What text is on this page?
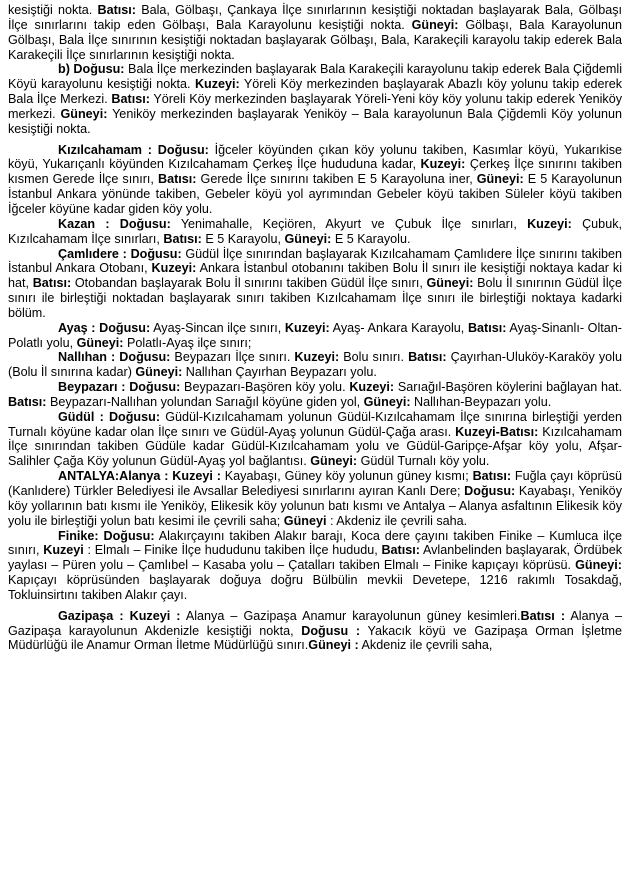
kesiştiği nokta. Batısı: Bala, Gölbaşı, Çankaya İlçe sınırlarının kesiştiği noktadan başlayarak Bala, Gölbaşı İlçe sınırlarını takip eden Gölbaşı, Bala Karayolunu kesiştiği nokta. Güneyi: Gölbaşı, Bala Karayolunun Gölbaşı, Bala İlçe sınırının kesiştiği noktadan başlayarak Gölbaşı, Bala, Karakeçili karayolu takip ederek Bala Karakeçili İlçe sınırlarının kesiştiği nokta.

b) Doğusu: Bala İlçe merkezinden başlayarak Bala Karakeçili karayolunu takip ederek Bala Çiğdemli Köyü karayolunu kesiştiği nokta. Kuzeyi: Yöreli Köy merkezinden başlayarak Abazlı köy yolunu takip ederek Bala İlçe Merkezi. Batısı: Yöreli Köy merkezinden başlayarak Yöreli-Yeni köy köy yolunu takip ederek Yeniköy merkezi. Güneyi: Yeniköy merkezinden başlayarak Yeniköy – Bala karayolunun Bala Çiğdemli Köy yolunun kesiştiği nokta.

Kızılcahamam : Doğusu: İğceler köyünden çıkan köy yolunu takiben, Kasımlar köyü, Yukarıkise köyü, Yukarıçanlı köyünden Kızılcahamam Çerkeş İlçe hududuna kadar, Kuzeyi: Çerkeş İlçe sınırını takiben kısmen Gerede İlçe sınırı, Batısı: Gerede İlçe sınırını takiben E 5 Karayoluna iner, Güneyi: E 5 Karayolunun İstanbul Ankara yönünde takiben, Gebeler köyü yol ayrımından Gebeler köyü takiben Süleler köyü takiben İğceler köyüne kadar giden köy yolu.

Kazan : Doğusu: Yenimahalle, Keçiören, Akyurt ve Çubuk İlçe sınırları, Kuzeyi: Çubuk, Kızılcahamam İlçe sınırları, Batısı: E 5 Karayolu, Güneyi: E 5 Karayolu.

Çamlıdere : Doğusu: Güdül İlçe sınırından başlayarak Kızılcahamam Çamlıdere İlçe sınırını takiben İstanbul Ankara Otobanı, Kuzeyi: Ankara İstanbul otobanını takiben Bolu İl sınırı ile kesiştiği noktaya kadar ki hat, Batısı: Otobandan başlayarak Bolu İl sınırını takiben Güdül İlçe sınırı, Güneyi: Bolu İl sınırının Güdül İlçe sınırı ile birleştiği noktadan başlayarak sınırı takiben Kızılcahamam İlçe sınırı ile birleştiği noktaya kadarki bölüm.

Ayaş : Doğusu: Ayaş-Sincan ilçe sınırı, Kuzeyi: Ayaş- Ankara Karayolu, Batısı: Ayaş-Sinanlı- Oltan- Polatlı yolu, Güneyi: Polatlı-Ayaş ilçe sınırı;

Nallıhan : Doğusu: Beypazarı İlçe sınırı. Kuzeyi: Bolu sınırı. Batısı: Çayırhan-Uluköy-Karaköy yolu (Bolu İl sınırına kadar) Güneyi: Nallıhan Çayırhan Beypazarı yolu.

Beypazarı : Doğusu: Beypazarı-Başören köy yolu. Kuzeyi: Sarıağıl-Başören köylerini bağlayan hat. Batısı: Beypazarı-Nallıhan yolundan Sarıağıl köyüne giden yol, Güneyi: Nallıhan-Beypazarı yolu.

Güdül : Doğusu: Güdül-Kızılcahamam yolunun Güdül-Kızılcahamam İlçe sınırına birleştiği yerden Turnalı köyüne kadar olan İlçe sınırı ve Güdül-Ayaş yolunun Güdül-Çağa arası. Kuzeyi-Batısı: Kızılcahamam İlçe sınırından takiben Güdüle kadar Güdül-Kızılcahamam yolu ve Güdül-Garipçe-Afşar köy yolu, Afşar-Salihler Çağa Köy yolunun Güdül-Ayaş yol bağlantısı. Güneyi: Güdül Turnalı köy yolu.

ANTALYA:Alanya : Kuzeyi : Kayabaşı, Güney köy yolunun güney kısmı; Batısı: Fuğla çayı köprüsü (Kanlıdere) Türkler Belediyesi ile Avsallar Belediyesi sınırlarını ayıran Kanlı Dere; Doğusu: Kayabaşı, Yeniköy köy yollarının batı kısmı ile Yeniköy, Elikesik köy yolunun batı kısmı ve Antalya – Alanya asfaltının Elikesik köy yolu ile birleştiği yolun batı kesimi ile çevrili saha; Güneyi : Akdeniz ile çevrili saha.

Finike: Doğusu: Alakırçayını takiben Alakır barajı, Koca dere çayını takiben Finike – Kumluca ilçe sınırı, Kuzeyi : Elmalı – Finike İlçe hududunu takiben İlçe hududu, Batısı: Avlanbelinden başlayarak, Ördübek yaylası – Püren yolu – Çamlıbel – Kasaba yolu – Çatalları takiben Elmalı – Finike kapıçayı köprüsü. Güneyi: Kapıçayı köprüsünden başlayarak doğuya doğru Bülbülin mevkii Devetepe, 1216 rakımlı Tosakdağ, Tokluinsirtını takiben Alakır çayı.

Gazipaşa : Kuzeyi : Alanya – Gazipaşa Anamur karayolunun güney kesimleri.Batısı : Alanya – Gazipaşa karayolunun Akdenizle kesiştiği nokta, Doğusu : Yakacık köyü ve Gazipaşa Orman İşletme Müdürlüğü ile Anamur Orman İletme Müdürlüğü sınırı.Güneyi : Akdeniz ile çevrili saha,
